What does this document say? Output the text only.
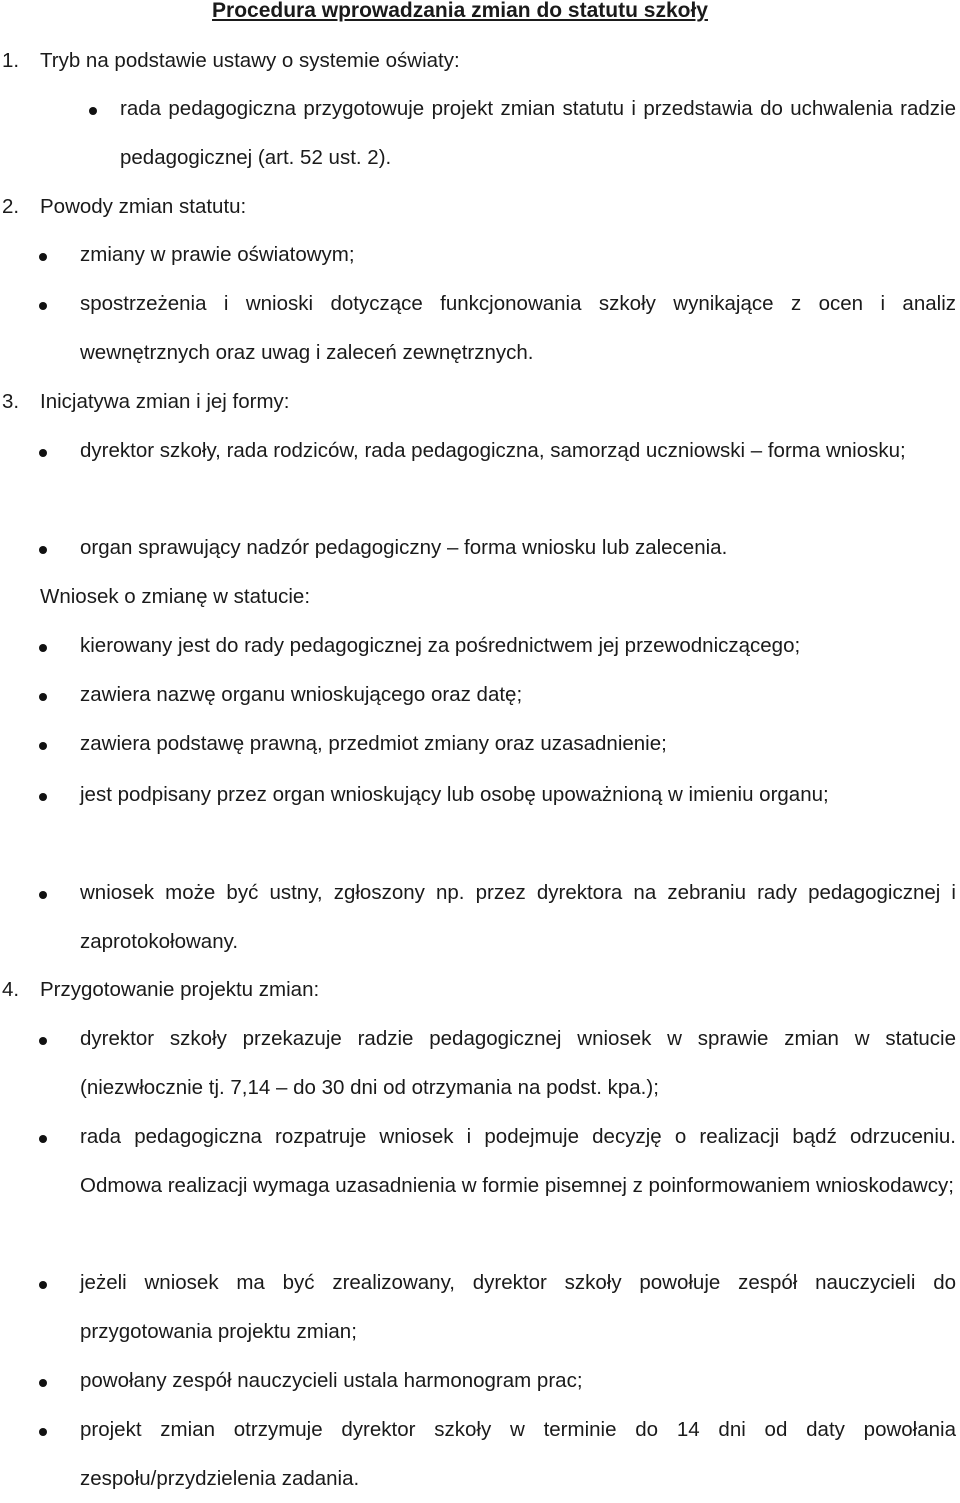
Procedura wprowadzania zmian do statutu szkoły
1. Tryb na podstawie ustawy o systemie oświaty:
rada pedagogiczna przygotowuje projekt zmian statutu i przedstawia do uchwalenia radzie pedagogicznej (art. 52 ust. 2).
2. Powody zmian statutu:
zmiany w prawie oświatowym;
spostrzeżenia i wnioski dotyczące funkcjonowania szkoły wynikające z ocen i analiz wewnętrznych oraz uwag i zaleceń zewnętrznych.
3. Inicjatywa zmian i jej formy:
dyrektor szkoły, rada rodziców, rada pedagogiczna, samorząd uczniowski – forma wniosku;
organ sprawujący nadzór pedagogiczny – forma wniosku lub zalecenia.
Wniosek o zmianę w statucie:
kierowany jest do rady pedagogicznej za pośrednictwem jej przewodniczącego;
zawiera nazwę organu wnioskującego oraz datę;
zawiera podstawę prawną, przedmiot zmiany oraz uzasadnienie;
jest podpisany przez organ wnioskujący lub osobę upoważnioną w imieniu organu;
wniosek może być ustny, zgłoszony np. przez dyrektora na zebraniu rady pedagogicznej i zaprotokołowany.
4. Przygotowanie projektu zmian:
dyrektor szkoły przekazuje radzie pedagogicznej wniosek w sprawie zmian w statucie (niezwłocznie tj. 7,14 – do 30 dni od otrzymania na podst. kpa.);
rada pedagogiczna rozpatruje wniosek i podejmuje decyzję o realizacji bądź odrzuceniu. Odmowa realizacji wymaga uzasadnienia w formie pisemnej z poinformowaniem wnioskodawcy;
jeżeli wniosek ma być zrealizowany, dyrektor szkoły powołuje zespół nauczycieli do przygotowania projektu zmian;
powołany zespół nauczycieli ustala harmonogram prac;
projekt zmian otrzymuje dyrektor szkoły w terminie do 14 dni od daty powołania zespołu/przydzielenia zadania.
